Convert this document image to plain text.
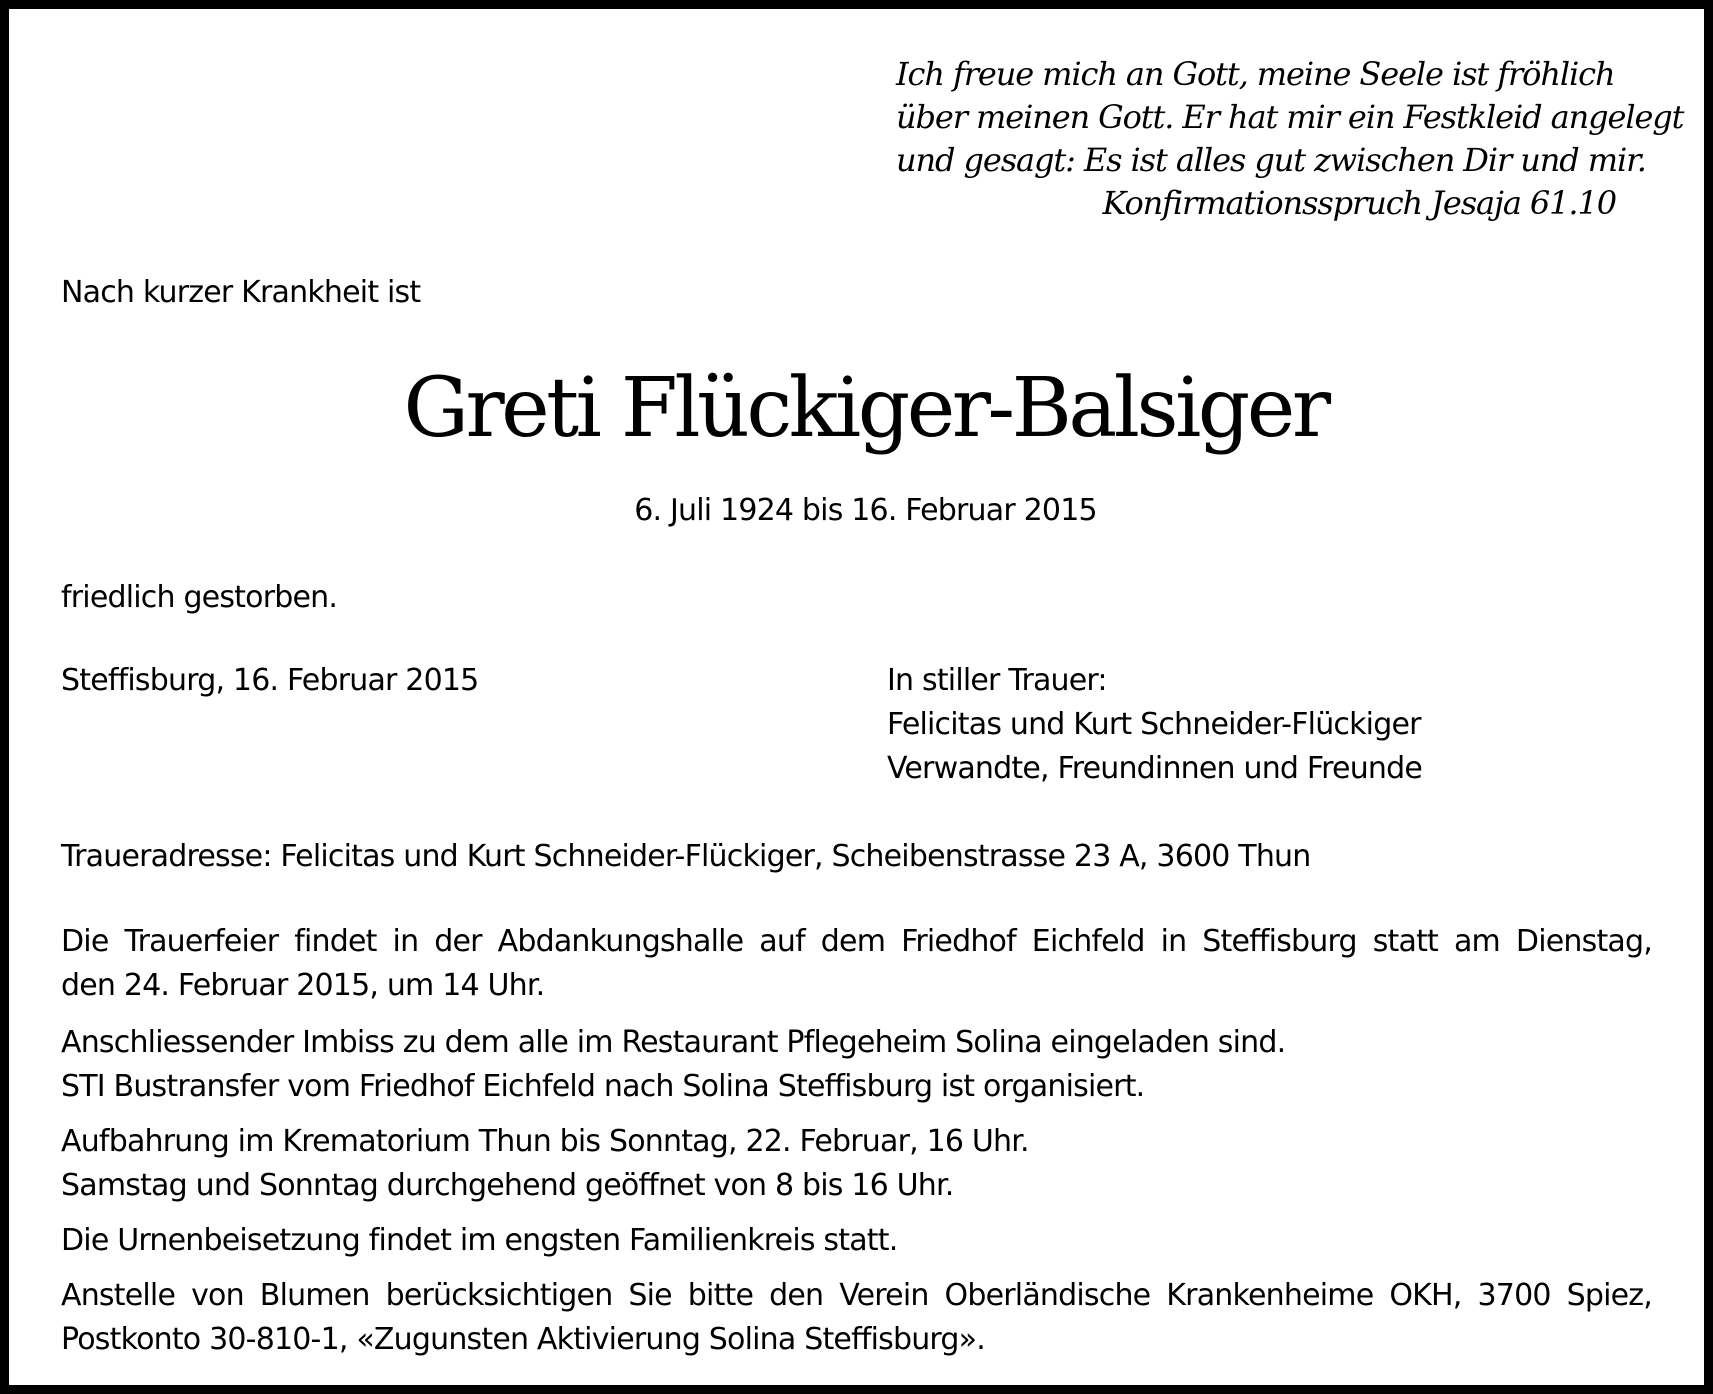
Ich freue mich an Gott, meine Seele ist fröhlich

über meinen Gott. Er hat mir ein Festkleid angelegt

und gesagt: Es ist alles gut zwischen Dir und mir.

Konfirmationsspruch Jesaja 61.10

Nach kurzer Krankheit ist

Greti Flückiger-Balsiger

6. Juli 1924 bis 16. Februar 2015

friedlich gestorben.

Steffisburg, 16. Februar 2015	In stiller Trauer:

Felicitas und Kurt Schneider-Flückiger

Verwandte, Freundinnen und Freunde

Traueradresse: Felicitas und Kurt Schneider-Flückiger, Scheibenstrasse 23 A, 3600 Thun

Die Trauerfeier findet in der Abdankungshalle auf dem Friedhof Eichfeld in Steffisburg statt am Dienstag,
den 24. Februar 2015, um 14 Uhr.
Anschliessender Imbiss zu dem alle im Restaurant Pflegeheim Solina eingeladen sind.
STI Bustransfer vom Friedhof Eichfeld nach Solina Steffisburg ist organisiert.
Aufbahrung im Krematorium Thun bis Sonntag, 22. Februar, 16 Uhr.
Samstag und Sonntag durchgehend geöffnet von 8 bis 16 Uhr.

Die Urnenbeisetzung findet im engsten Familienkreis statt.

Anstelle von Blumen berücksichtigen Sie bitte den Verein Oberländische Krankenheime OKH, 3700 Spiez,
Postkonto 30-810-1, «Zugunsten Aktivierung Solina Steffisburg».
